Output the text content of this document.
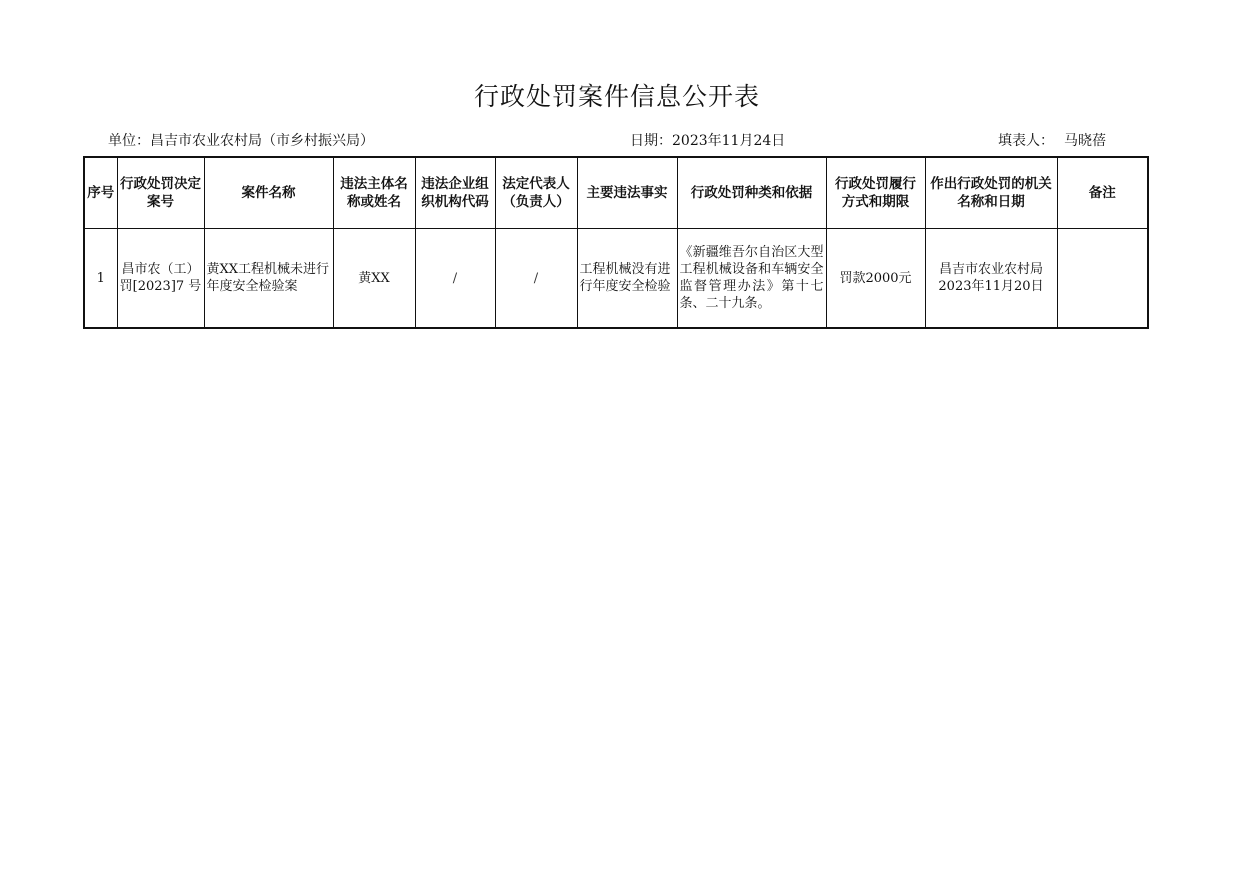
行政处罚案件信息公开表
单位：昌吉市农业农村局（市乡村振兴局）	日期：2023年11月24日	填表人： 马晓蓓
序号	行政处罚决定案号	案件名称	违法主体名称或姓名	违法企业组织机构代码	法定代表人（负责人）	主要违法事实	行政处罚种类和依据	行政处罚履行方式和期限	作出行政处罚的机关名称和日期	备注
1	昌市农（工）罚[2023]7 号	黄XX工程机械未进行年度安全检验案	黄XX	/	/	工程机械没有进行年度安全检验	《新疆维吾尔自治区大型工程机械设备和车辆安全监督管理办法》第十七条、二十九条。	罚款2000元	昌吉市农业农村局2023年11月20日	
